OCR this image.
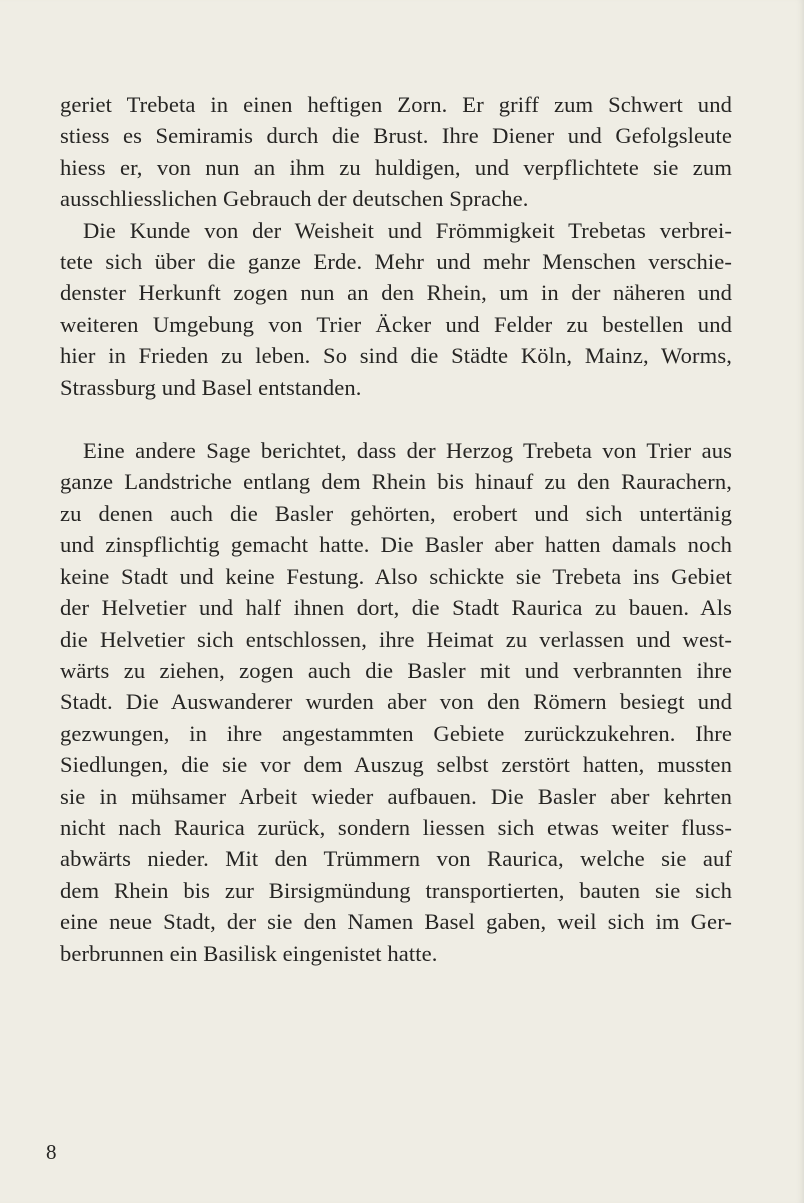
geriet Trebeta in einen heftigen Zorn. Er griff zum Schwert und
stiess es Semiramis durch die Brust. Ihre Diener und Gefolgsleute
hiess er, von nun an ihm zu huldigen, und verpflichtete sie zum
ausschliesslichen Gebrauch der deutschen Sprache.
Die Kunde von der Weisheit und Frömmigkeit Trebetas verbrei-
tete sich über die ganze Erde. Mehr und mehr Menschen verschie-
denster Herkunft zogen nun an den Rhein, um in der näheren und
weiteren Umgebung von Trier Äcker und Felder zu bestellen und
hier in Frieden zu leben. So sind die Städte Köln, Mainz, Worms,
Strassburg und Basel entstanden.
Eine andere Sage berichtet, dass der Herzog Trebeta von Trier aus
ganze Landstriche entlang dem Rhein bis hinauf zu den Raurachern,
zu denen auch die Basler gehörten, erobert und sich untertänig
und zinspflichtig gemacht hatte. Die Basler aber hatten damals noch
keine Stadt und keine Festung. Also schickte sie Trebeta ins Gebiet
der Helvetier und half ihnen dort, die Stadt Raurica zu bauen. Als
die Helvetier sich entschlossen, ihre Heimat zu verlassen und west-
wärts zu ziehen, zogen auch die Basler mit und verbrannten ihre
Stadt. Die Auswanderer wurden aber von den Römern besiegt und
gezwungen, in ihre angestammten Gebiete zurückzukehren. Ihre
Siedlungen, die sie vor dem Auszug selbst zerstört hatten, mussten
sie in mühsamer Arbeit wieder aufbauen. Die Basler aber kehrten
nicht nach Raurica zurück, sondern liessen sich etwas weiter fluss-
abwärts nieder. Mit den Trümmern von Raurica, welche sie auf
dem Rhein bis zur Birsigmündung transportierten, bauten sie sich
eine neue Stadt, der sie den Namen Basel gaben, weil sich im Ger-
berbrunnen ein Basilisk eingenistet hatte.
8
